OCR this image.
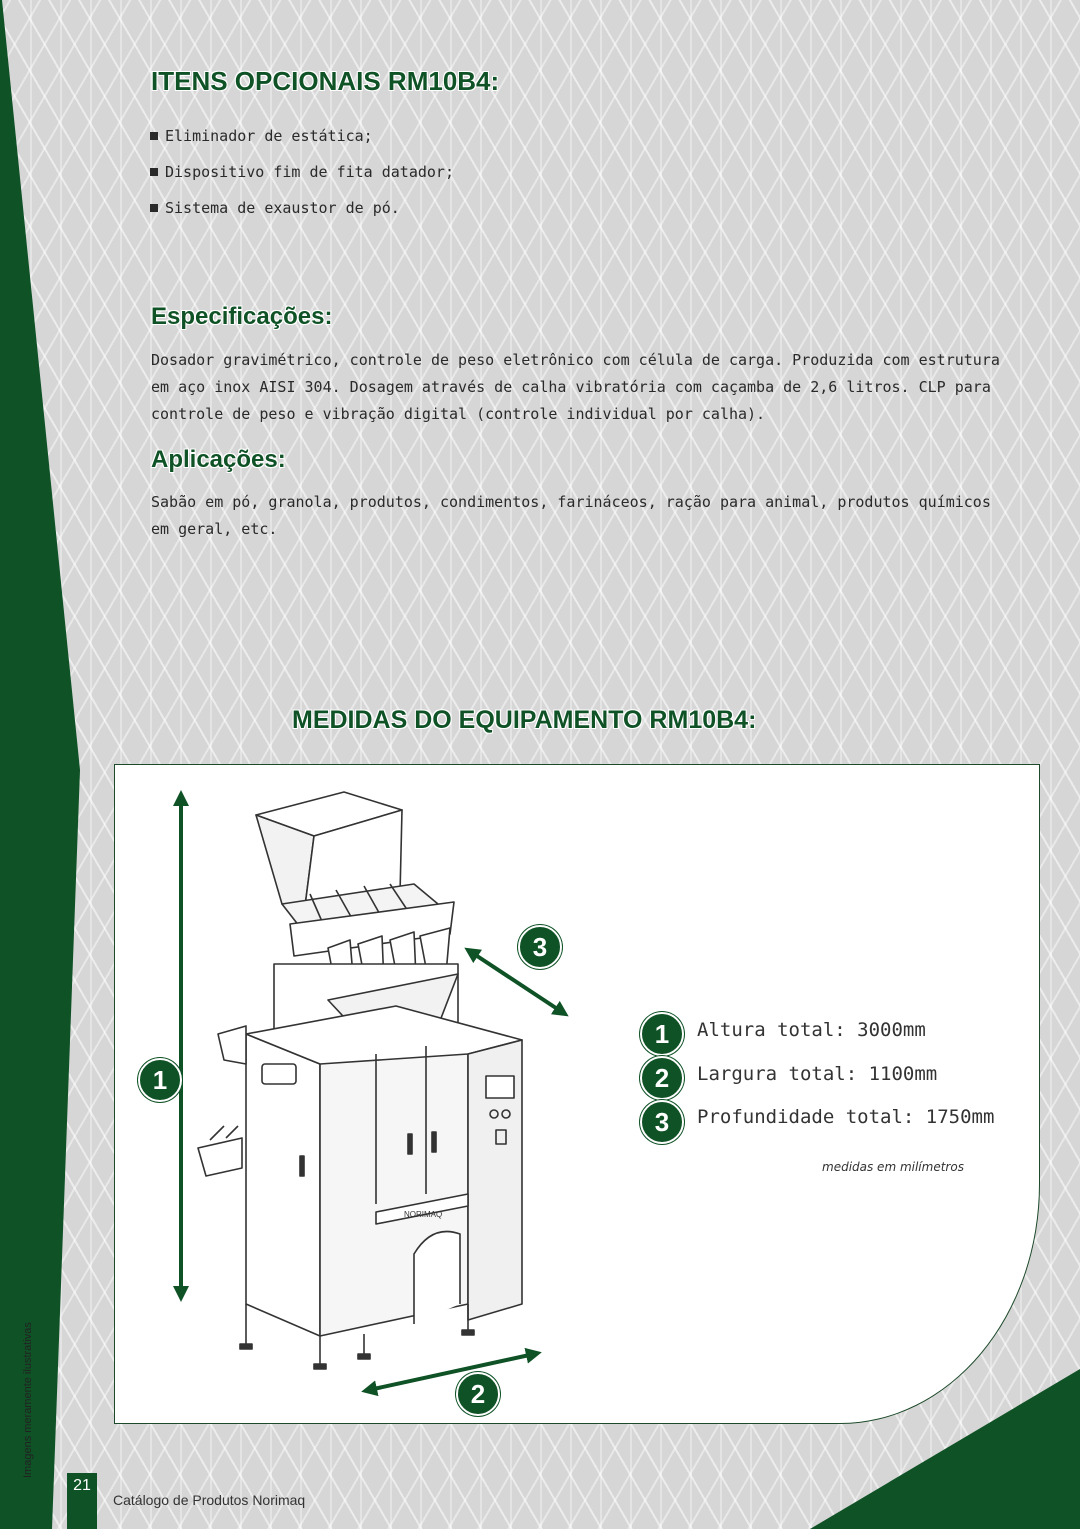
ITENS OPCIONAIS RM10B4:
Eliminador de estática;
Dispositivo fim de fita datador;
Sistema de exaustor de pó.
Especificações:

Dosador gravimétrico, controle de peso eletrônico com célula de carga. Produzida com estrutura em aço inox AISI 304. Dosagem através de calha vibratória com caçamba de 2,6 litros. CLP para controle de peso e vibração digital (controle individual por calha).

Aplicações:

Sabão em pó, granola, produtos, condimentos, farináceos, ração para animal, produtos químicos em geral, etc.

MEDIDAS DO EQUIPAMENTO RM10B4:
NORIMAQ
1
2
3
1	Altura total: 3000mm
2	Largura total: 1100mm
3	Profundidade total: 1750mm
medidas em milímetros
Imagens meramente ilustrativas
21
Catálogo de Produtos Norimaq
